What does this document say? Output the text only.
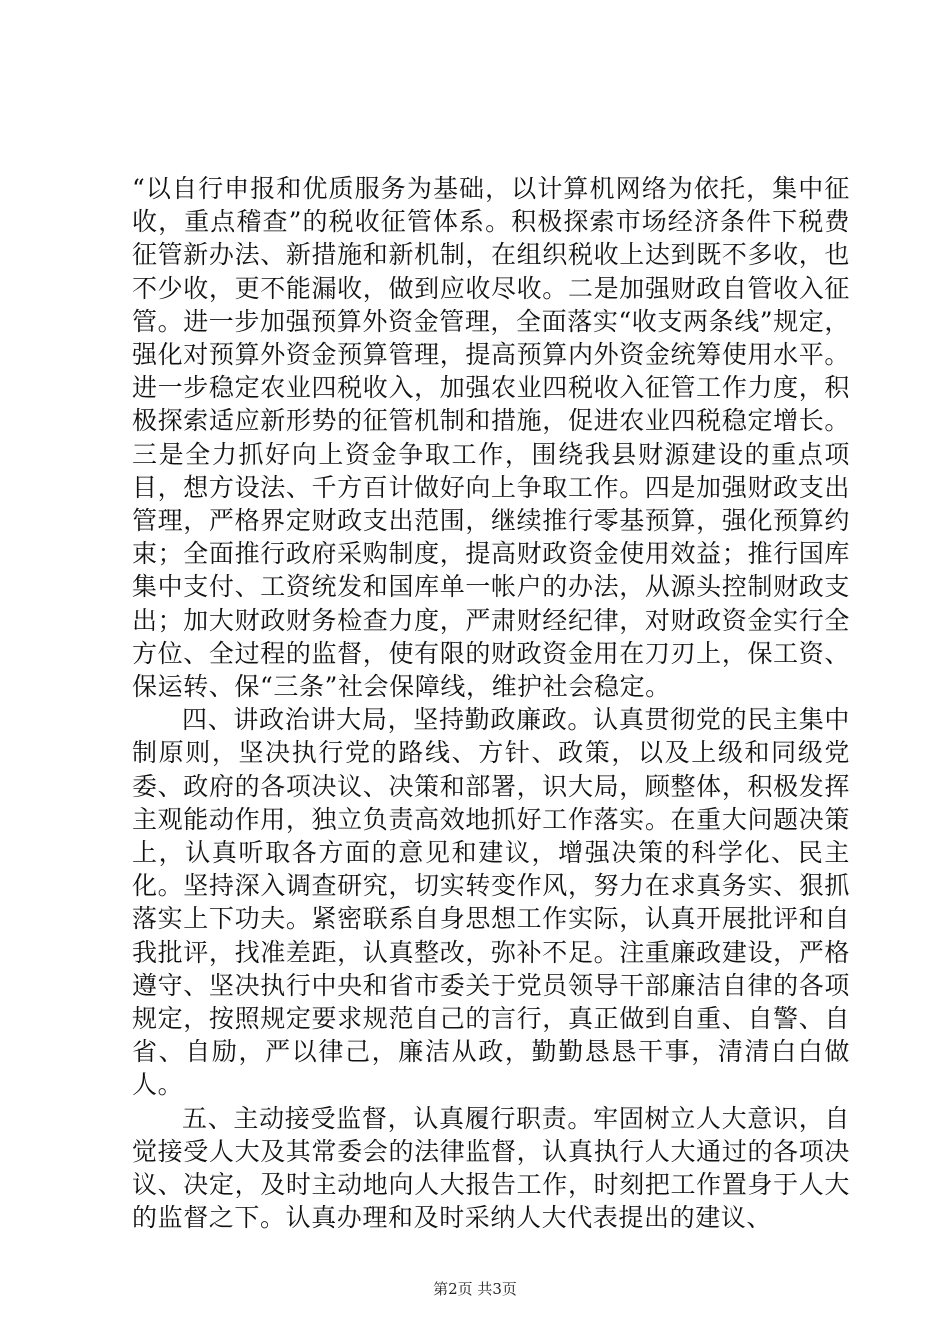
“以自行申报和优质服务为基础，以计算机网络为依托，集中征收，重点稽查”的税收征管体系。积极探索市场经济条件下税费征管新办法、新措施和新机制，在组织税收上达到既不多收，也不少收，更不能漏收，做到应收尽收。二是加强财政自管收入征管。进一步加强预算外资金管理，全面落实“收支两条线”规定，强化对预算外资金预算管理，提高预算内外资金统筹使用水平。进一步稳定农业四税收入，加强农业四税收入征管工作力度，积极探索适应新形势的征管机制和措施，促进农业四税稳定增长。三是全力抓好向上资金争取工作，围绕我县财源建设的重点项目，想方设法、千方百计做好向上争取工作。四是加强财政支出管理，严格界定财政支出范围，继续推行零基预算，强化预算约束；全面推行政府采购制度，提高财政资金使用效益；推行国库集中支付、工资统发和国库单一帐户的办法，从源头控制财政支出；加大财政财务检查力度，严肃财经纪律，对财政资金实行全方位、全过程的监督，使有限的财政资金用在刀刃上，保工资、保运转、保“三条”社会保障线，维护社会稳定。

四、讲政治讲大局，坚持勤政廉政。认真贯彻党的民主集中制原则，坚决执行党的路线、方针、政策，以及上级和同级党委、政府的各项决议、决策和部署，识大局，顾整体，积极发挥主观能动作用，独立负责高效地抓好工作落实。在重大问题决策上，认真听取各方面的意见和建议，增强决策的科学化、民主化。坚持深入调查研究，切实转变作风，努力在求真务实、狠抓落实上下功夫。紧密联系自身思想工作实际，认真开展批评和自我批评，找准差距，认真整改，弥补不足。注重廉政建设，严格遵守、坚决执行中央和省市委关于党员领导干部廉洁自律的各项规定，按照规定要求规范自己的言行，真正做到自重、自警、自省、自励，严以律己，廉洁从政，勤勤恳恳干事，清清白白做人。

五、主动接受监督，认真履行职责。牢固树立人大意识，自觉接受人大及其常委会的法律监督，认真执行人大通过的各项决议、决定，及时主动地向人大报告工作，时刻把工作置身于人大的监督之下。认真办理和及时采纳人大代表提出的建议、

第2页 共3页
